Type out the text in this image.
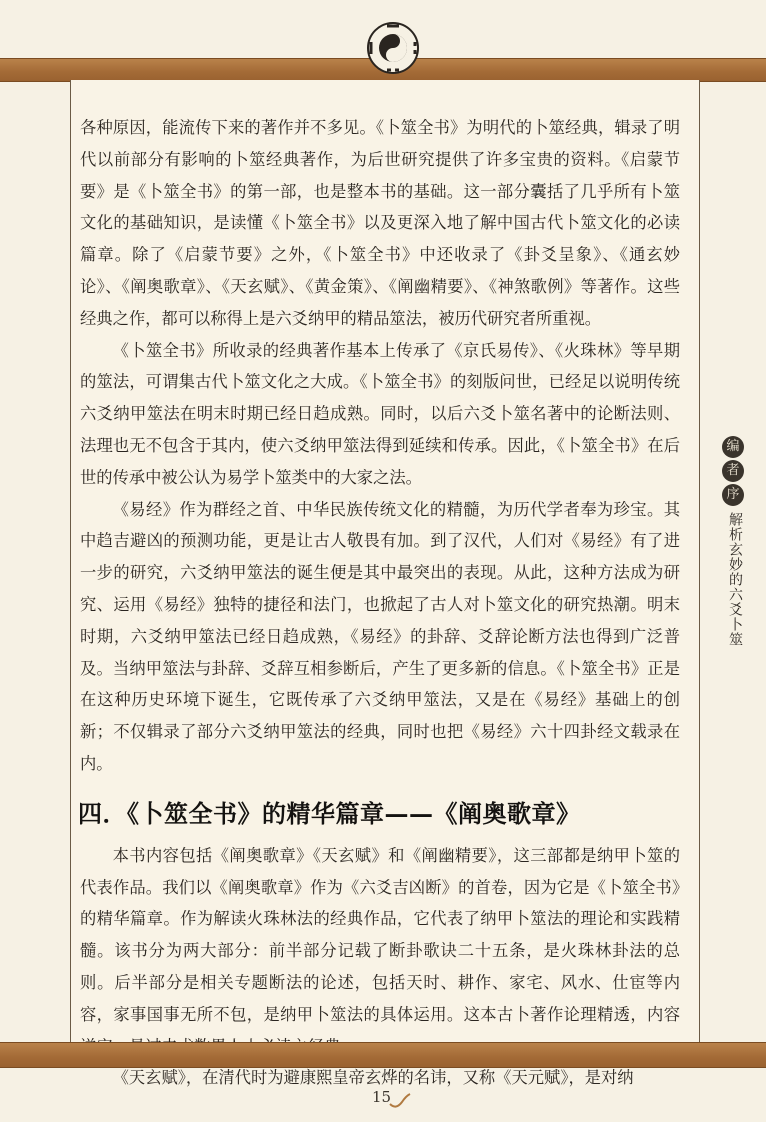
各种原因，能流传下来的著作并不多见。《卜筮全书》为明代的卜筮经典，辑录了明代以前部分有影响的卜筮经典著作，为后世研究提供了许多宝贵的资料。《启蒙节要》是《卜筮全书》的第一部，也是整本书的基础。这一部分囊括了几乎所有卜筮文化的基础知识，是读懂《卜筮全书》以及更深入地了解中国古代卜筮文化的必读篇章。除了《启蒙节要》之外，《卜筮全书》中还收录了《卦爻呈象》、《通玄妙论》、《阐奥歌章》、《天玄赋》、《黄金策》、《阐幽精要》、《神煞歌例》等著作。这些经典之作，都可以称得上是六爻纳甲的精品筮法，被历代研究者所重视。

《卜筮全书》所收录的经典著作基本上传承了《京氏易传》、《火珠林》等早期的筮法，可谓集古代卜筮文化之大成。《卜筮全书》的刻版问世，已经足以说明传统六爻纳甲筮法在明末时期已经日趋成熟。同时，以后六爻卜筮名著中的论断法则、法理也无不包含于其内，使六爻纳甲筮法得到延续和传承。因此，《卜筮全书》在后世的传承中被公认为易学卜筮类中的大家之法。

《易经》作为群经之首、中华民族传统文化的精髓，为历代学者奉为珍宝。其中趋吉避凶的预测功能，更是让古人敬畏有加。到了汉代，人们对《易经》有了进一步的研究，六爻纳甲筮法的诞生便是其中最突出的表现。从此，这种方法成为研究、运用《易经》独特的捷径和法门，也掀起了古人对卜筮文化的研究热潮。明末时期，六爻纳甲筮法已经日趋成熟，《易经》的卦辞、爻辞论断方法也得到广泛普及。当纳甲筮法与卦辞、爻辞互相参断后，产生了更多新的信息。《卜筮全书》正是在这种历史环境下诞生，它既传承了六爻纳甲筮法，又是在《易经》基础上的创新；不仅辑录了部分六爻纳甲筮法的经典，同时也把《易经》六十四卦经文载录在内。

四．《卜筮全书》的精华篇章——《阐奥歌章》

本书内容包括《阐奥歌章》《天玄赋》和《阐幽精要》，这三部都是纳甲卜筮的代表作品。我们以《阐奥歌章》作为《六爻吉凶断》的首卷，因为它是《卜筮全书》的精华篇章。作为解读火珠林法的经典作品，它代表了纳甲卜筮法的理论和实践精髓。该书分为两大部分：前半部分记载了断卦歌诀二十五条，是火珠林卦法的总则。后半部分是相关专题断法的论述，包括天时、耕作、家宅、风水、仕宦等内容，家事国事无所不包，是纳甲卜筮法的具体运用。这本古卜著作论理精透，内容

《天玄赋》，在清代时为避康熙皇帝玄烨的名讳，又称《天元赋》，是对纳

编
者
序
解析玄妙的六爻卜筮
15
